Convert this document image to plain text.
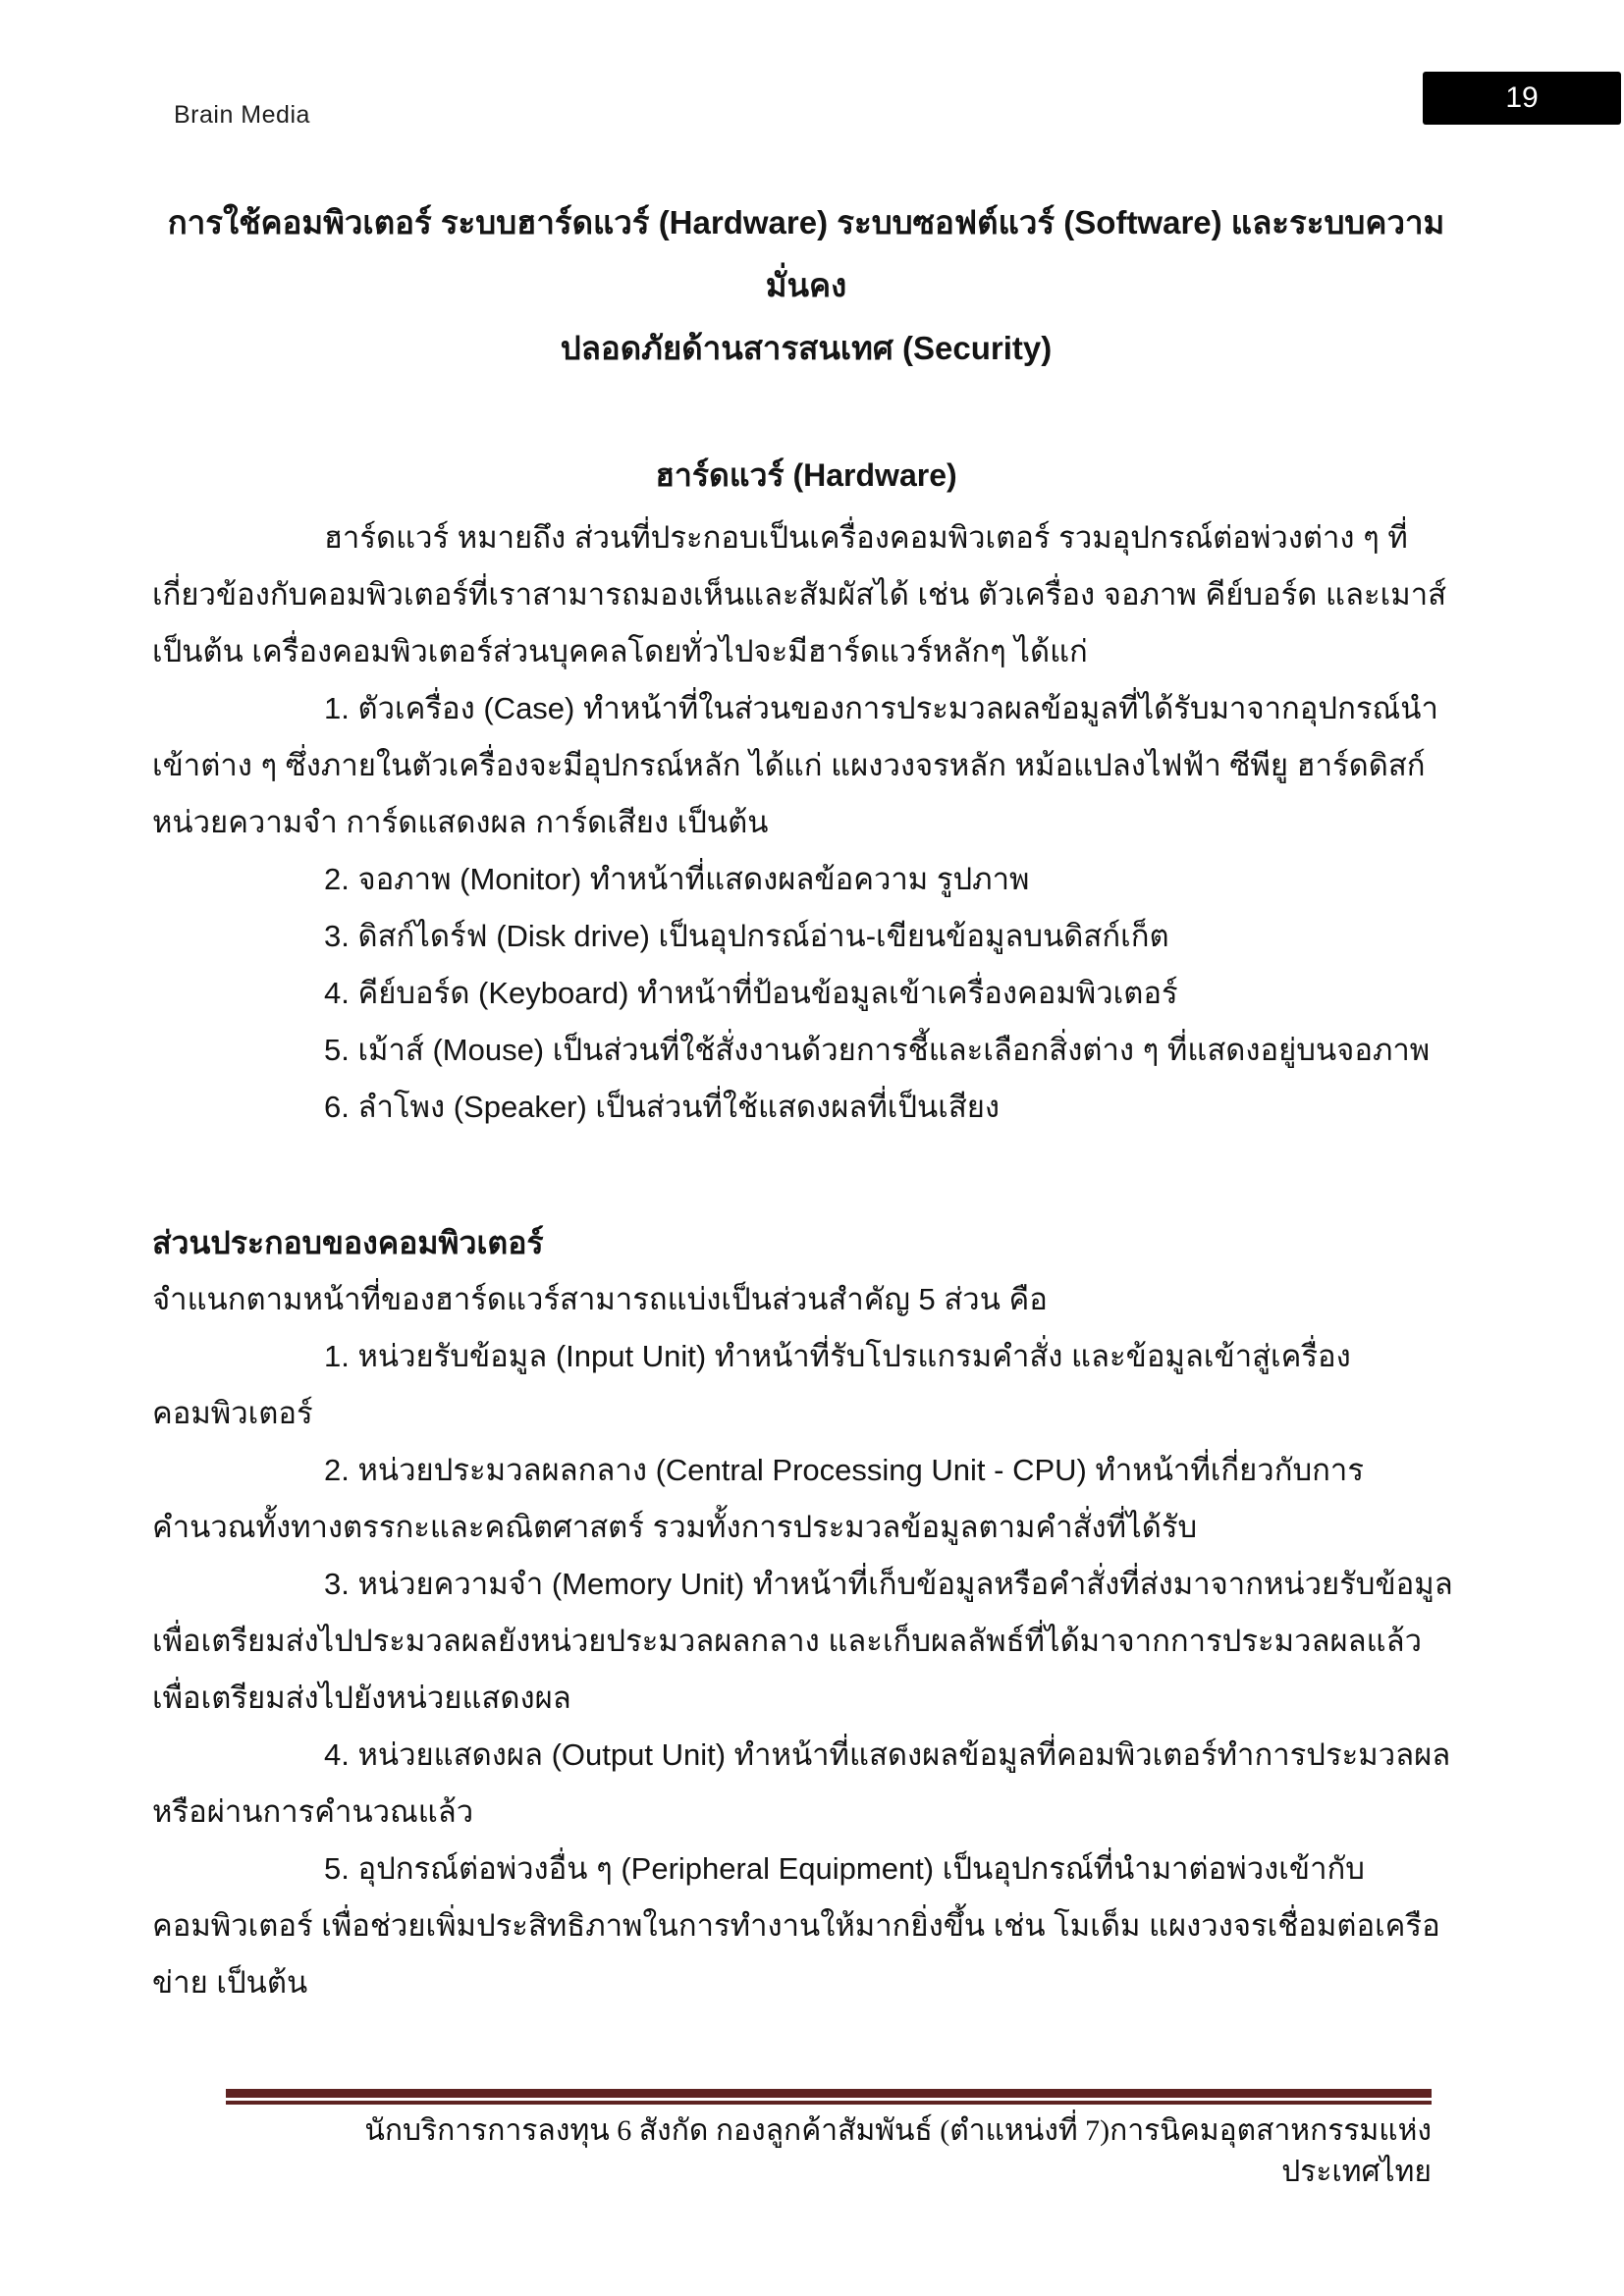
Brain Media
19

การใช้คอมพิวเตอร์ ระบบฮาร์ดแวร์ (Hardware) ระบบซอฟต์แวร์ (Software) และระบบความมั่นคง

ปลอดภัยด้านสารสนเทศ (Security)

ฮาร์ดแวร์ (Hardware)

ฮาร์ดแวร์ หมายถึง ส่วนที่ประกอบเป็นเครื่องคอมพิวเตอร์ รวมอุปกรณ์ต่อพ่วงต่าง ๆ ที่เกี่ยวข้องกับคอมพิวเตอร์ที่เราสามารถมองเห็นและสัมผัสได้ เช่น ตัวเครื่อง จอภาพ คีย์บอร์ด และเมาส์ เป็นต้น เครื่องคอมพิวเตอร์ส่วนบุคคลโดยทั่วไปจะมีฮาร์ดแวร์หลักๆ ได้แก่

1. ตัวเครื่อง (Case) ทำหน้าที่ในส่วนของการประมวลผลข้อมูลที่ได้รับมาจากอุปกรณ์นำเข้าต่าง ๆ ซึ่งภายในตัวเครื่องจะมีอุปกรณ์หลัก ได้แก่ แผงวงจรหลัก หม้อแปลงไฟฟ้า ซีพียู ฮาร์ดดิสก์ หน่วยความจำ การ์ดแสดงผล การ์ดเสียง เป็นต้น

2. จอภาพ (Monitor) ทำหน้าที่แสดงผลข้อความ รูปภาพ

3. ดิสก์ไดร์ฟ (Disk drive) เป็นอุปกรณ์อ่าน-เขียนข้อมูลบนดิสก์เก็ต

4. คีย์บอร์ด (Keyboard) ทำหน้าที่ป้อนข้อมูลเข้าเครื่องคอมพิวเตอร์

5. เม้าส์ (Mouse) เป็นส่วนที่ใช้สั่งงานด้วยการชี้และเลือกสิ่งต่าง ๆ ที่แสดงอยู่บนจอภาพ

6. ลำโพง (Speaker) เป็นส่วนที่ใช้แสดงผลที่เป็นเสียง

ส่วนประกอบของคอมพิวเตอร์

จำแนกตามหน้าที่ของฮาร์ดแวร์สามารถแบ่งเป็นส่วนสำคัญ 5 ส่วน คือ

1. หน่วยรับข้อมูล (Input Unit) ทำหน้าที่รับโปรแกรมคำสั่ง และข้อมูลเข้าสู่เครื่องคอมพิวเตอร์

2. หน่วยประมวลผลกลาง (Central Processing Unit - CPU) ทำหน้าที่เกี่ยวกับการคำนวณทั้งทางตรรกะและคณิตศาสตร์ รวมทั้งการประมวลข้อมูลตามคำสั่งที่ได้รับ

3. หน่วยความจำ (Memory Unit) ทำหน้าที่เก็บข้อมูลหรือคำสั่งที่ส่งมาจากหน่วยรับข้อมูล เพื่อเตรียมส่งไปประมวลผลยังหน่วยประมวลผลกลาง และเก็บผลลัพธ์ที่ได้มาจากการประมวลผลแล้วเพื่อเตรียมส่งไปยังหน่วยแสดงผล

4. หน่วยแสดงผล (Output Unit) ทำหน้าที่แสดงผลข้อมูลที่คอมพิวเตอร์ทำการประมวลผล หรือผ่านการคำนวณแล้ว

5. อุปกรณ์ต่อพ่วงอื่น ๆ (Peripheral Equipment) เป็นอุปกรณ์ที่นำมาต่อพ่วงเข้ากับคอมพิวเตอร์ เพื่อช่วยเพิ่มประสิทธิภาพในการทำงานให้มากยิ่งขึ้น เช่น โมเด็ม แผงวงจรเชื่อมต่อเครือข่าย เป็นต้น

นักบริการการลงทุน 6 สังกัด กองลูกค้าสัมพันธ์ (ตำแหน่งที่ 7)การนิคมอุตสาหกรรมแห่งประเทศไทย
